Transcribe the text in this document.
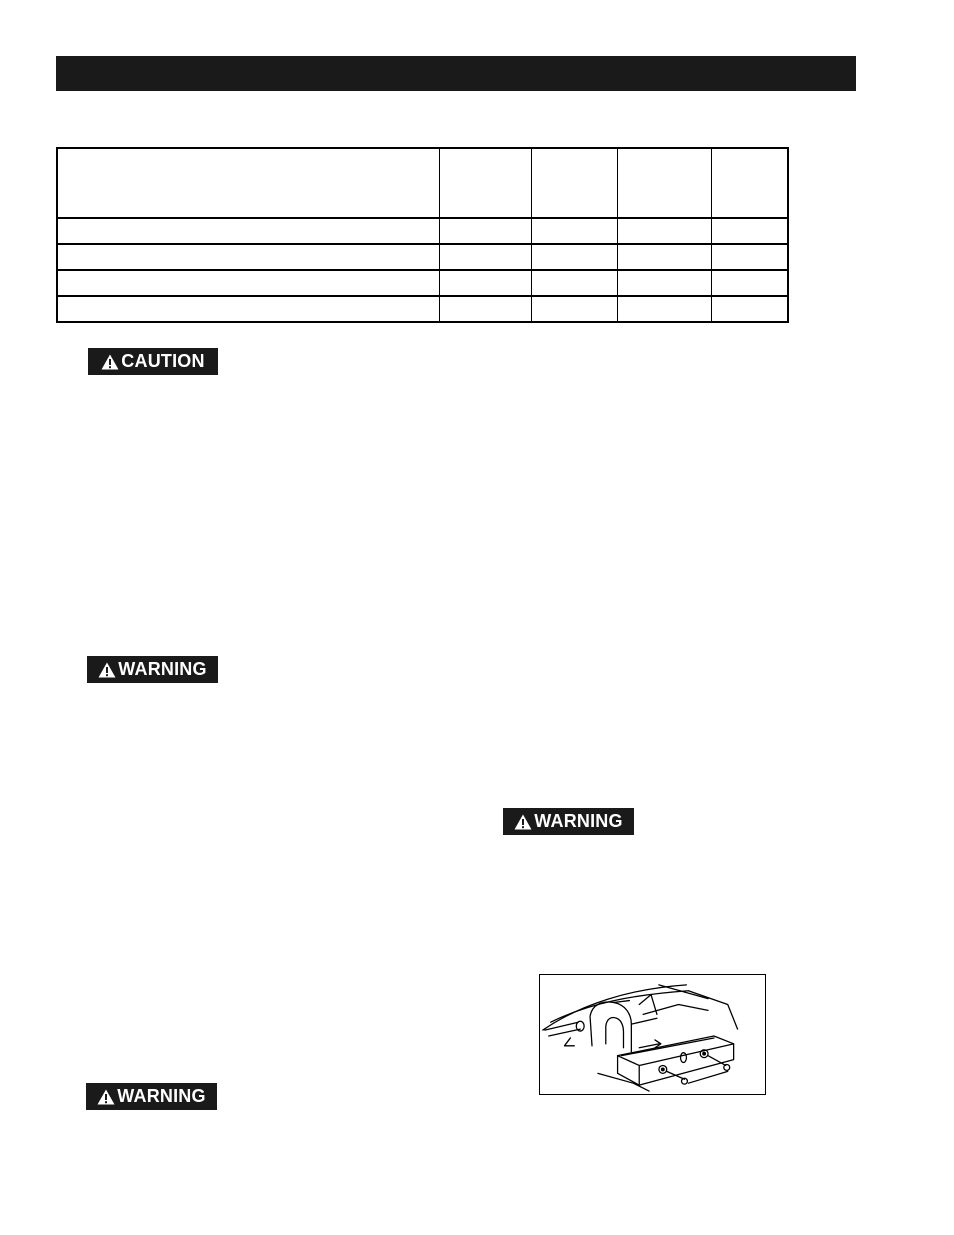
CAUTION
WARNING
WARNING
WARNING
